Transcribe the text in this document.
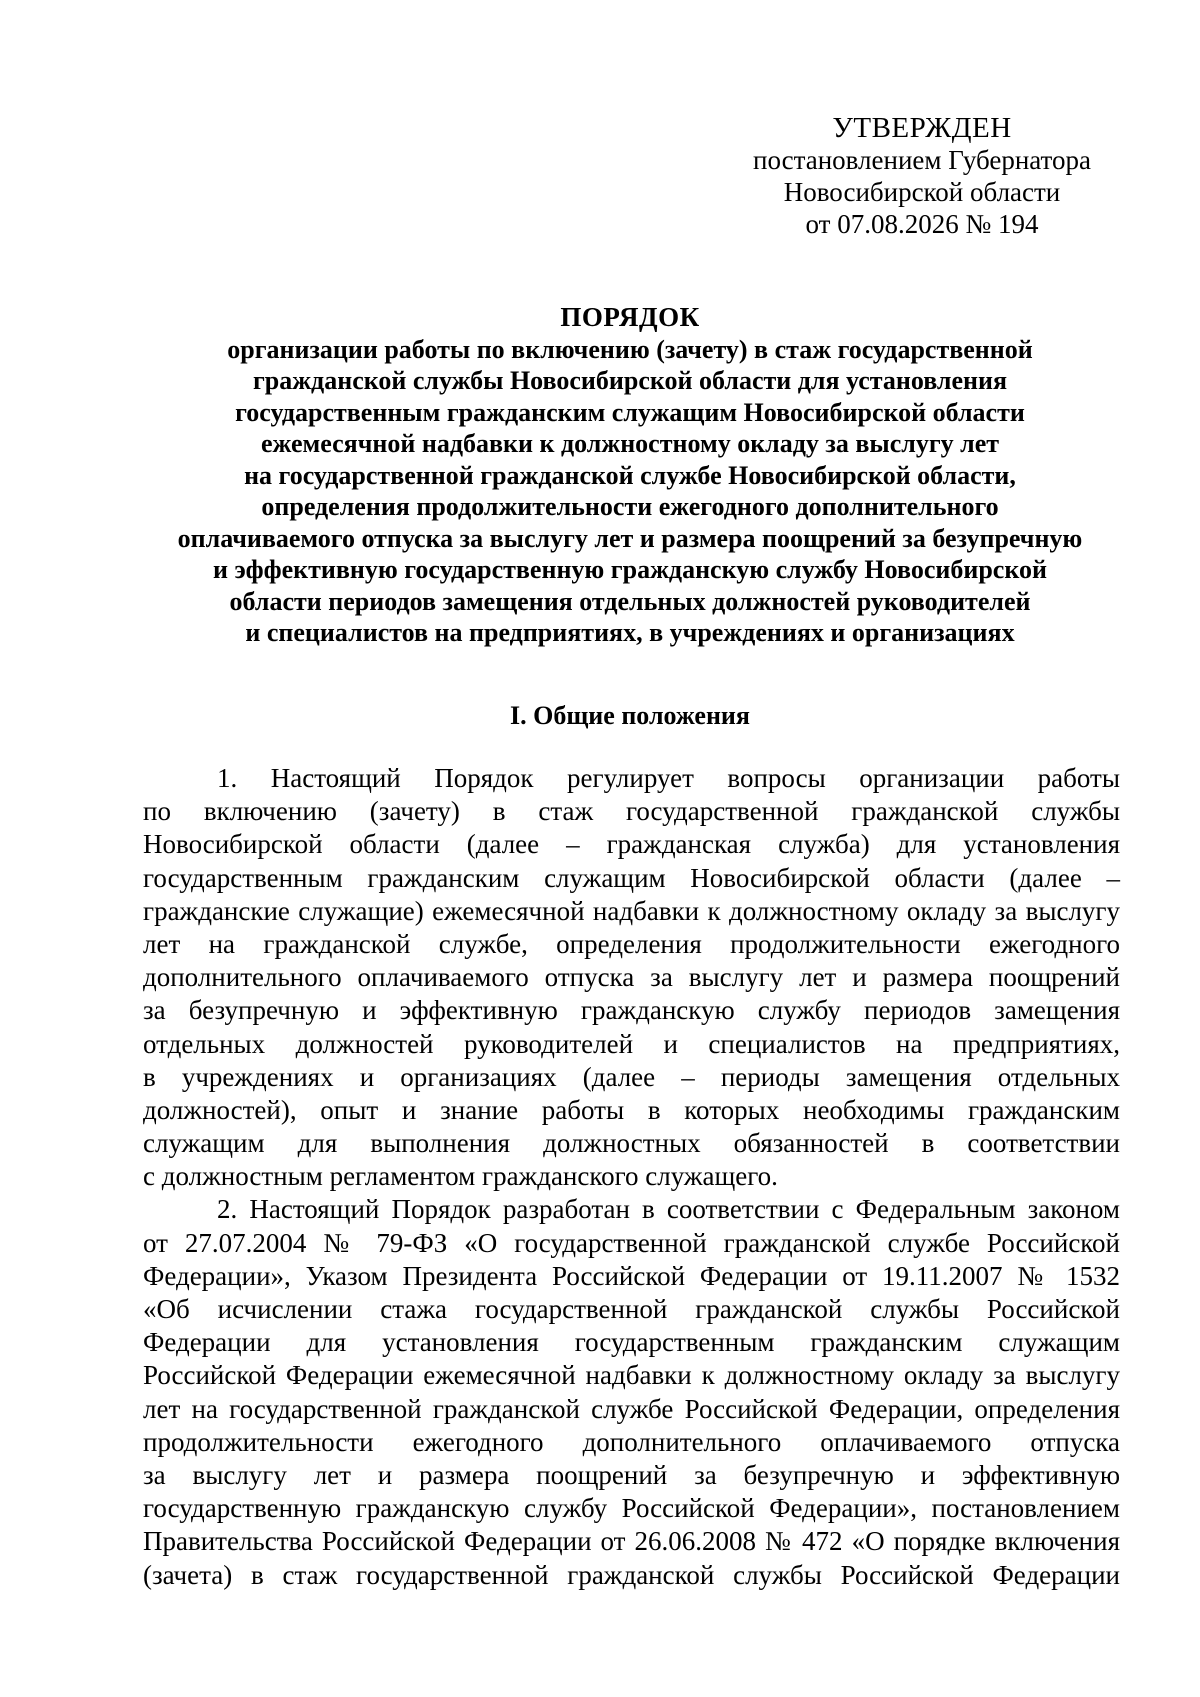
УТВЕРЖДЕН
постановлением Губернатора
Новосибирской области
от 07.08.2026 № 194
ПОРЯДОК
организации работы по включению (зачету) в стаж государственной
гражданской службы Новосибирской области для установления
государственным гражданским служащим Новосибирской области
ежемесячной надбавки к должностному окладу за выслугу лет
на государственной гражданской службе Новосибирской области,
определения продолжительности ежегодного дополнительного
оплачиваемого отпуска за выслугу лет и размера поощрений за безупречную
и эффективную государственную гражданскую службу Новосибирской
области периодов замещения отдельных должностей руководителей
и специалистов на предприятиях, в учреждениях и организациях
I. Общие положения
1. Настоящий Порядок регулирует вопросы организации работы
по включению (зачету) в стаж государственной гражданской службы
Новосибирской области (далее – гражданская служба) для установления
государственным гражданским служащим Новосибирской области (далее –
гражданские служащие) ежемесячной надбавки к должностному окладу за выслугу
лет на гражданской службе, определения продолжительности ежегодного
дополнительного оплачиваемого отпуска за выслугу лет и размера поощрений
за безупречную и эффективную гражданскую службу периодов замещения
отдельных должностей руководителей и специалистов на предприятиях,
в учреждениях и организациях (далее – периоды замещения отдельных
должностей), опыт и знание работы в которых необходимы гражданским
служащим для выполнения должностных обязанностей в соответствии
с должностным регламентом гражданского служащего.
2. Настоящий Порядок разработан в соответствии с Федеральным законом
от 27.07.2004 № 79-ФЗ «О государственной гражданской службе Российской
Федерации», Указом Президента Российской Федерации от 19.11.2007 № 1532
«Об исчислении стажа государственной гражданской службы Российской
Федерации для установления государственным гражданским служащим
Российской Федерации ежемесячной надбавки к должностному окладу за выслугу
лет на государственной гражданской службе Российской Федерации, определения
продолжительности ежегодного дополнительного оплачиваемого отпуска
за выслугу лет и размера поощрений за безупречную и эффективную
государственную гражданскую службу Российской Федерации», постановлением
Правительства Российской Федерации от 26.06.2008 № 472 «О порядке включения
(зачета) в стаж государственной гражданской службы Российской Федерации
